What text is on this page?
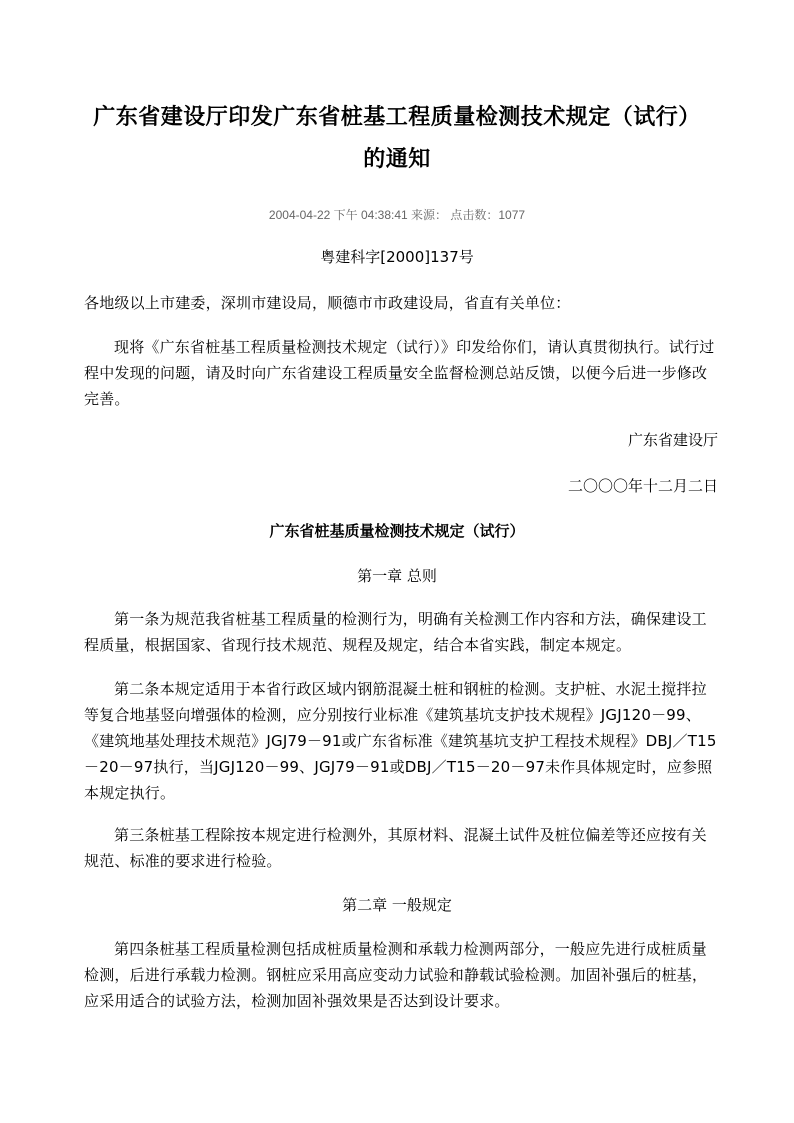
广东省建设厅印发广东省桩基工程质量检测技术规定（试行）
的通知
2004-04-22 下午 04:38:41 来源： 点击数：1077
粤建科字[2000]137号
各地级以上市建委，深圳市建设局，顺德市市政建设局，省直有关单位：
现将《广东省桩基工程质量检测技术规定（试行）》印发给你们，请认真贯彻执行。试行过程中发现的问题，请及时向广东省建设工程质量安全监督检测总站反馈，以便今后进一步修改完善。
广东省建设厅
二〇〇〇年十二月二日
广东省桩基质量检测技术规定（试行）
第一章 总则
第一条为规范我省桩基工程质量的检测行为，明确有关检测工作内容和方法，确保建设工程质量，根据国家、省现行技术规范、规程及规定，结合本省实践，制定本规定。
第二条本规定适用于本省行政区域内钢筋混凝土桩和钢桩的检测。支护桩、水泥土搅拌拉等复合地基竖向增强体的检测，应分别按行业标准《建筑基坑支护技术规程》JGJ120－99、《建筑地基处理技术规范》JGJ79－91或广东省标准《建筑基坑支护工程技术规程》DBJ／T15－20－97执行，当JGJ120－99、JGJ79－91或DBJ／T15－20－97未作具体规定时，应参照本规定执行。
第三条桩基工程除按本规定进行检测外，其原材料、混凝土试件及桩位偏差等还应按有关规范、标准的要求进行检验。
第二章 一般规定
第四条桩基工程质量检测包括成桩质量检测和承载力检测两部分，一般应先进行成桩质量检测，后进行承载力检测。钢桩应采用高应变动力试验和静载试验检测。加固补强后的桩基，应采用适合的试验方法，检测加固补强效果是否达到设计要求。
